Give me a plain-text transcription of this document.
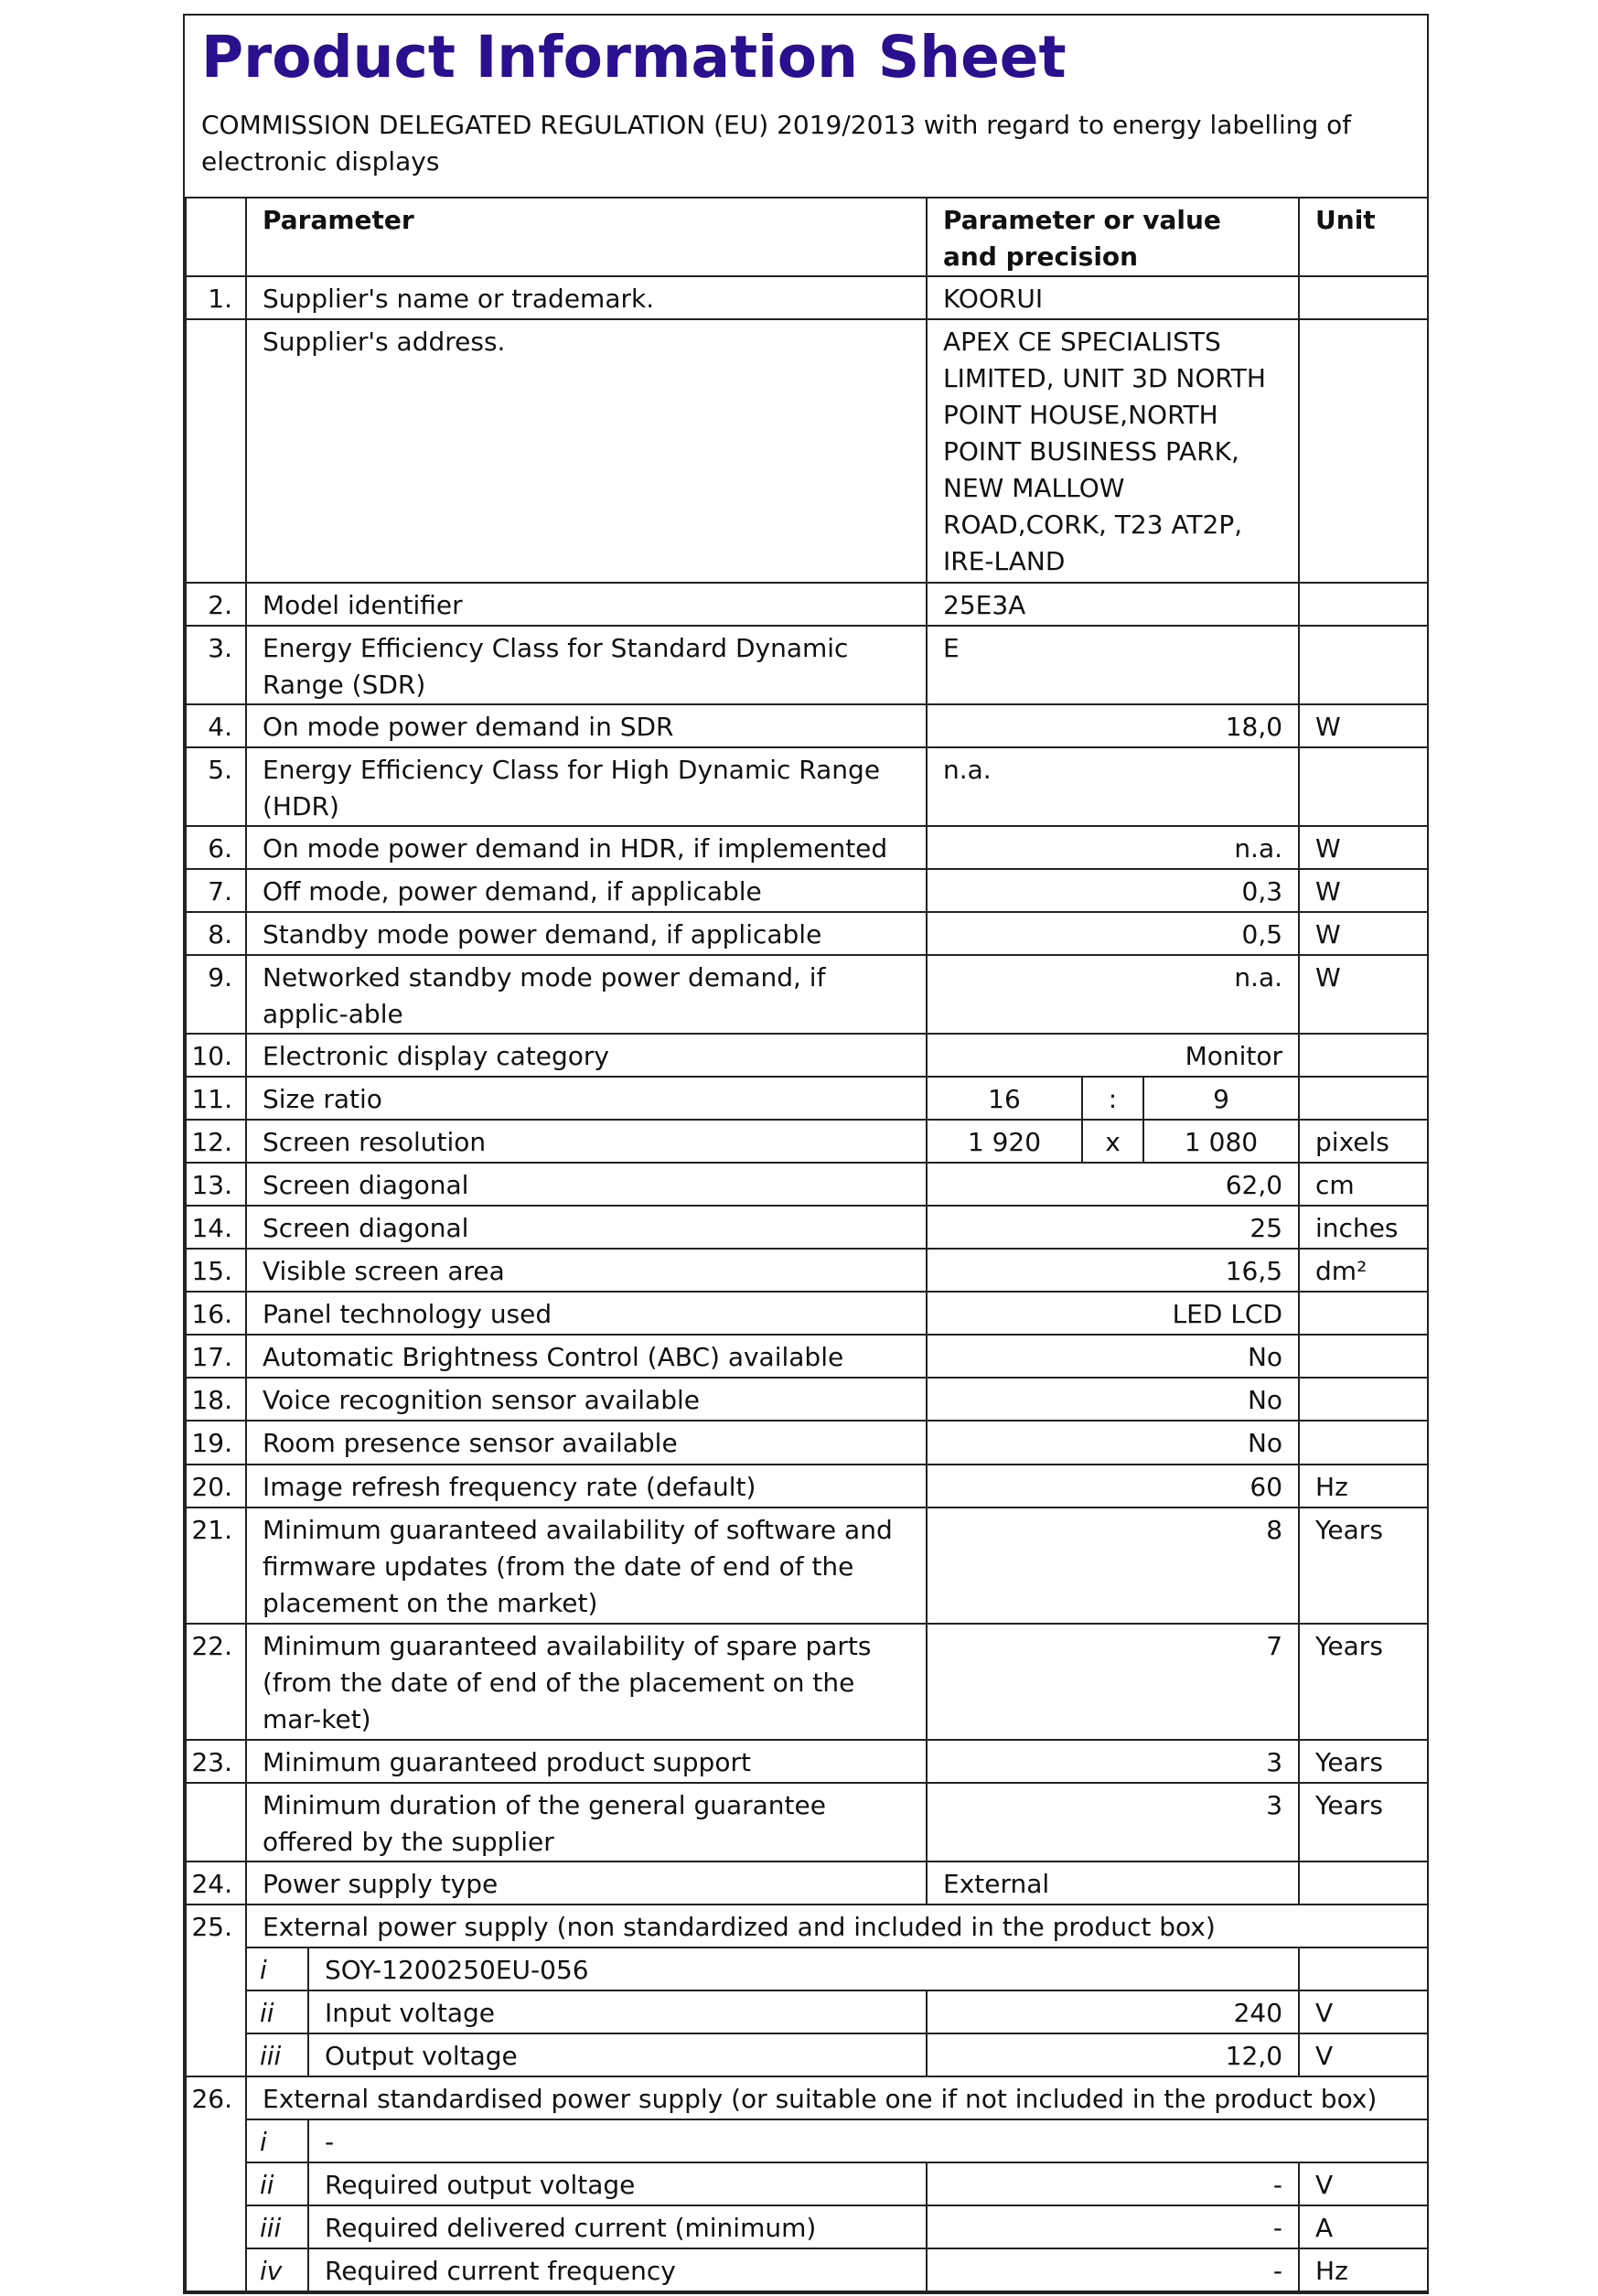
Product Information Sheet
COMMISSION DELEGATED REGULATION (EU) 2019/2013 with regard to energy labelling of electronic displays
	Parameter		Parameter or value and precision			Unit
1.	Supplier's name or trademark.		KOORUI			
	Supplier's address.		APEX CE SPECIALISTS LIMITED, UNIT 3D NORTH POINT HOUSE,NORTH POINT BUSINESS PARK, NEW MALLOW ROAD,CORK, T23 AT2P, IRE-LAND			
2.	Model identifier		25E3A			
3.	Energy Efficiency Class for Standard Dynamic Range (SDR)		E			
4.	On mode power demand in SDR		18,0			W
5.	Energy Efficiency Class for High Dynamic Range (HDR)		n.a.			
6.	On mode power demand in HDR, if implemented		n.a.			W
7.	Off mode, power demand, if applicable		0,3			W
8.	Standby mode power demand, if applicable		0,5			W
9.	Networked standby mode power demand, if applic-able		n.a.			W
10.	Electronic display category		Monitor			
11.	Size ratio		16	:	9	
12.	Screen resolution		1 920	x	1 080	pixels
13.	Screen diagonal		62,0			cm
14.	Screen diagonal		25			inches
15.	Visible screen area		16,5			dm²
16.	Panel technology used		LED LCD			
17.	Automatic Brightness Control (ABC) available		No			
18.	Voice recognition sensor available		No			
19.	Room presence sensor available		No			
20.	Image refresh frequency rate (default)		60			Hz
21.	Minimum guaranteed availability of software and firmware updates (from the date of end of the placement on the market)		8			Years
22.	Minimum guaranteed availability of spare parts (from the date of end of the placement on the mar-ket)		7			Years
23.	Minimum guaranteed product support		3			Years
	Minimum duration of the general guarantee offered by the supplier		3			Years
24.	Power supply type		External			
25.	External power supply (non standardized and included in the product box)					
	i	SOY-1200250EU-056				
	ii	Input voltage	240			V
	iii	Output voltage	12,0			V
26.	External standardised power supply (or suitable one if not included in the product box)					
	i	-				
	ii	Required output voltage	-			V
	iii	Required delivered current (minimum)	-			A
	iv	Required current frequency	-			Hz
